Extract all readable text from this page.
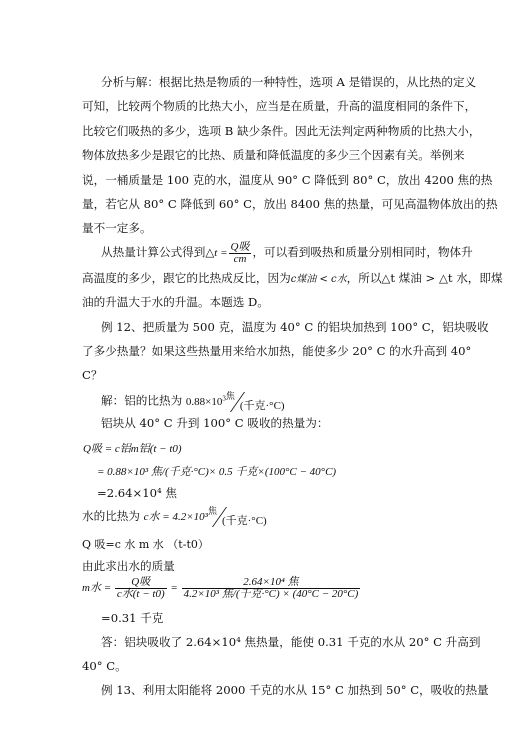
分析与解：根据比热是物质的一种特性，选项 A 是错误的，从比热的定义
可知，比较两个物质的比热大小，应当是在质量，升高的温度相同的条件下，
比较它们吸热的多少，选项 B 缺少条件。因此无法判定两种物质的比热大小，
物体放热多少是跟它的比热、质量和降低温度的多少三个因素有关。举例来
说，一桶质量是 100 克的水，温度从 90° C 降低到 80° C，放出 4200 焦的热
量，若它从 80° C 降低到 60° C，放出 8400 焦的热量，可见高温物体放出的热
量不一定多。
从热量计算公式得到△t = $\frac{\text{Q吸}}{cm}$ ，可以看到吸热和质量分别相同时，物体升
高温度的多少，跟它的比热成反比，因为c煤油 < c水，所以△t 煤油 > △t 水，即煤
油的升温大于水的升温。本题选 D。
例 12、把质量为 500 克，温度为 40° C 的铝块加热到 100° C，铝块吸收
了多少热量？如果这些热量用来给水加热，能使多少 20° C 的水升高到 40°
C？
解：铝的比热为 $0.88\times 10^{3焦}$(千克·°C)
铝块从 40° C 升到 100° C 吸收的热量为：
Q吸 = c铝m铝(t − t0)
= 0.88×10³ 焦/(千克·°C)× 0.5 千克×(100°C − 40°C)
=2.64×10⁴ 焦
水的比热为 c水 = 4.2×10³$^焦$(千克·°C)
Q 吸=c 水 m 水 （t-t0）
由此求出水的质量
m水 = $\frac{\text{Q吸}}{\text{c水(t − t0)}} = \frac{\text{2.64×10⁴ 焦}}{\text{4.2×10³ 焦/(千克·°C) × (40°C − 20°C)}}$
=0.31 千克
答：铝块吸收了 2.64×10⁴ 焦热量，能使 0.31 千克的水从 20° C 升高到
40° C。
例 13、利用太阳能将 2000 千克的水从 15° C 加热到 50° C，吸收的热量
